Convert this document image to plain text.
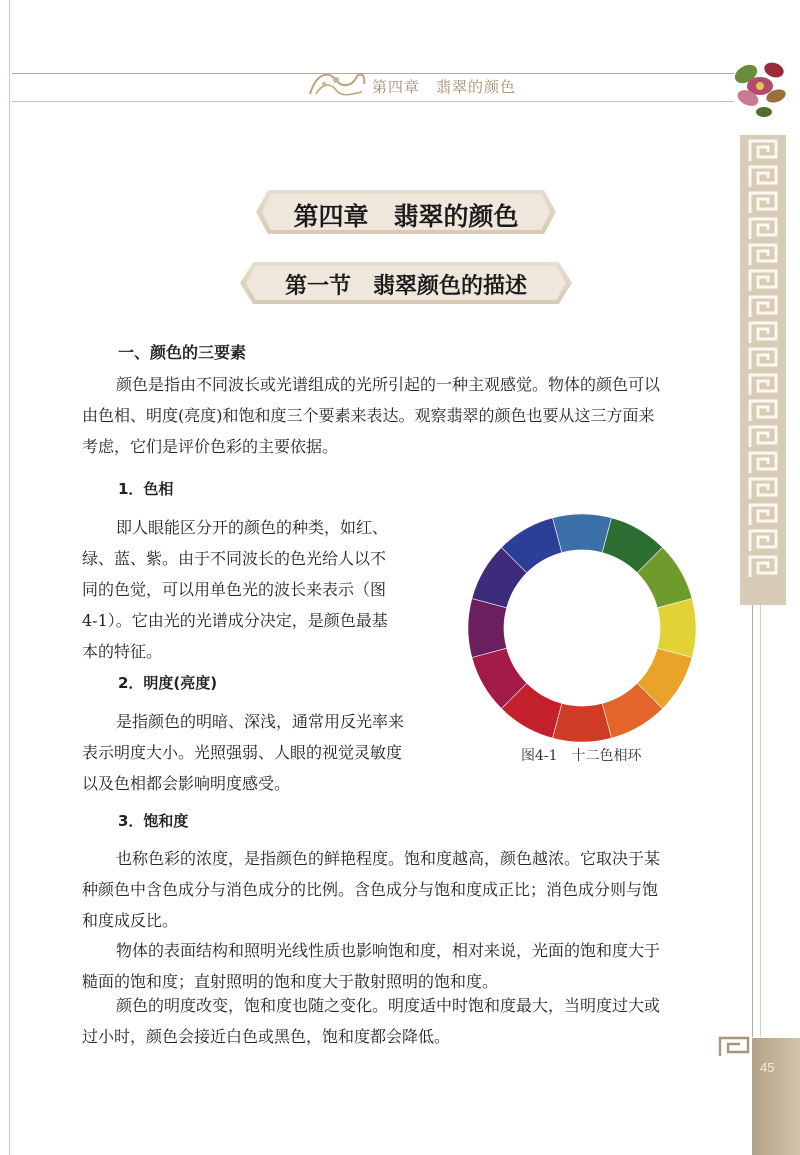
第四章　翡翠的颜色
45
第四章　翡翠的颜色
第一节　翡翠颜色的描述
一、颜色的三要素
颜色是指由不同波长或光谱组成的光所引起的一种主观感觉。物体的颜色可以
由色相、明度(亮度)和饱和度三个要素来表达。观察翡翠的颜色也要从这三方面来
考虑，它们是评价色彩的主要依据。
1．色相
即人眼能区分开的颜色的种类，如红、
绿、蓝、紫。由于不同波长的色光给人以不
同的色觉，可以用单色光的波长来表示（图
4-1）。它由光的光谱成分决定，是颜色最基
本的特征。
2．明度(亮度)
是指颜色的明暗、深浅，通常用反光率来
表示明度大小。光照强弱、人眼的视觉灵敏度
以及色相都会影响明度感受。
图4-1　十二色相环
3．饱和度
也称色彩的浓度，是指颜色的鲜艳程度。饱和度越高，颜色越浓。它取决于某
种颜色中含色成分与消色成分的比例。含色成分与饱和度成正比；消色成分则与饱
和度成反比。
物体的表面结构和照明光线性质也影响饱和度，相对来说，光面的饱和度大于
糙面的饱和度；直射照明的饱和度大于散射照明的饱和度。
颜色的明度改变，饱和度也随之变化。明度适中时饱和度最大，当明度过大或
过小时，颜色会接近白色或黑色，饱和度都会降低。
